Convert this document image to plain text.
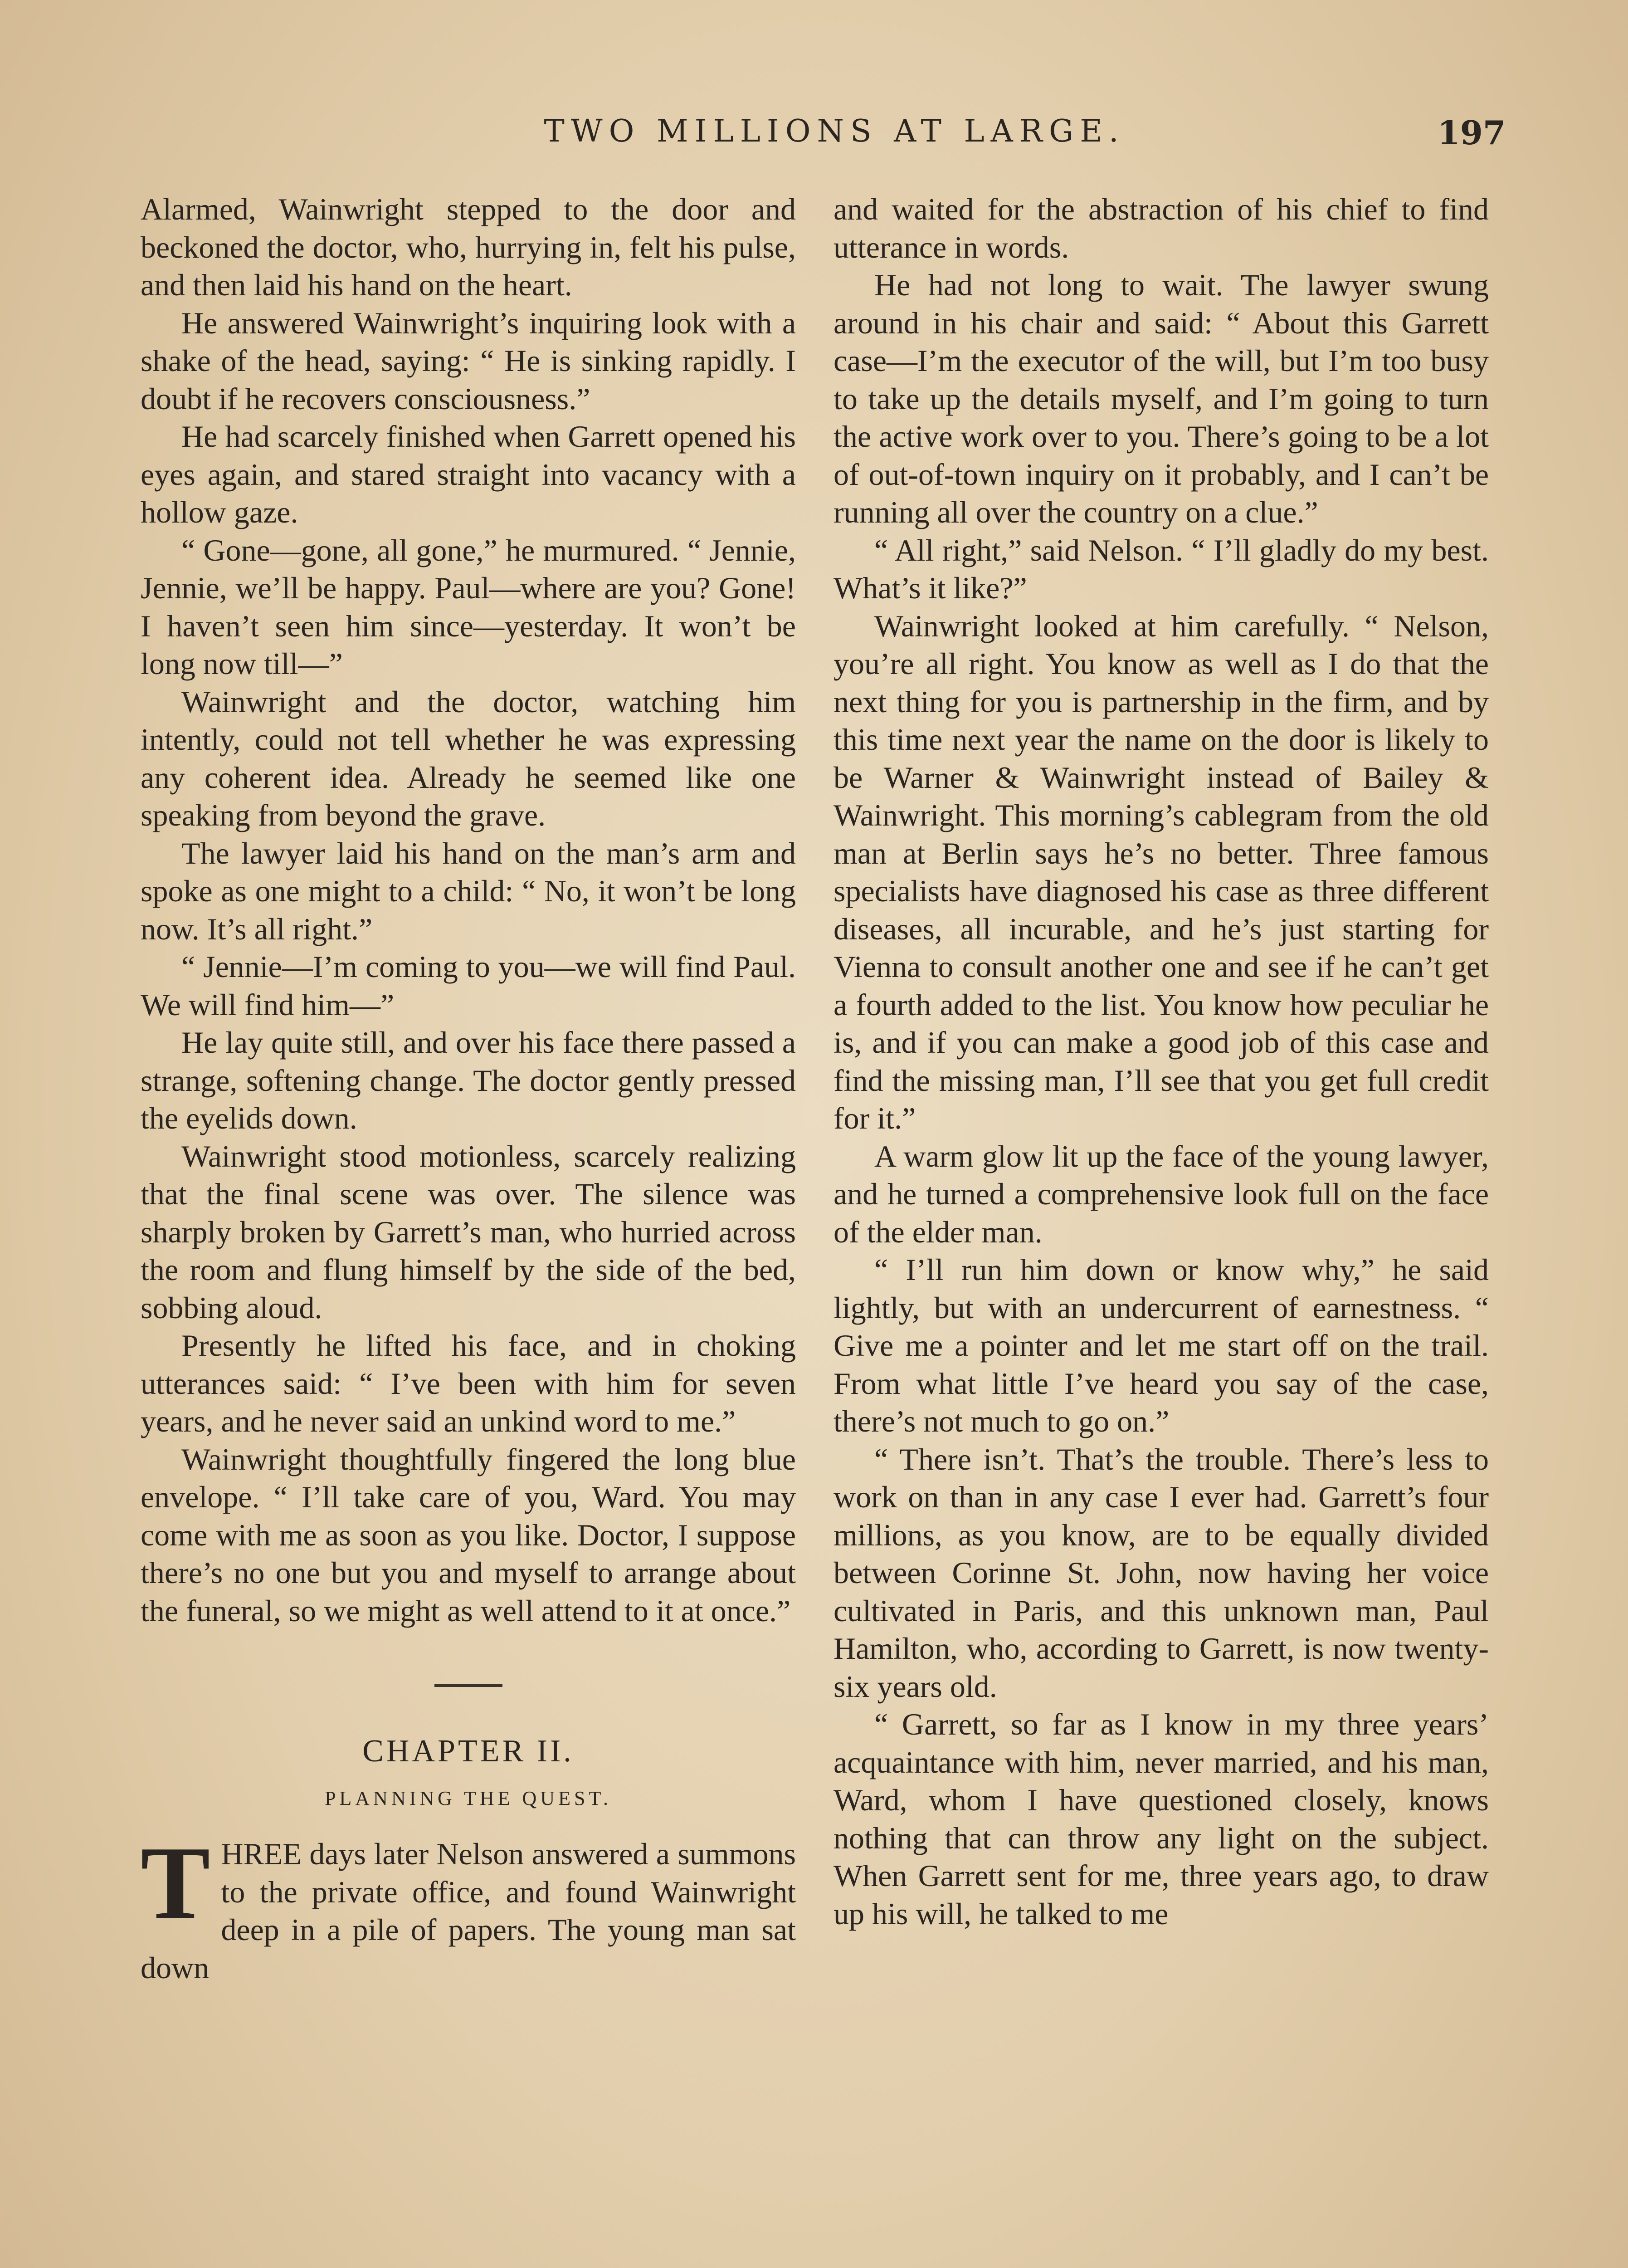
TWO MILLIONS AT LARGE.	197

Alarmed, Wainwright stepped to the door and beckoned the doctor, who, hurrying in, felt his pulse, and then laid his hand on the heart.

He answered Wainwright’s inquiring look with a shake of the head, saying: “ He is sinking rapidly. I doubt if he recovers consciousness.”

He had scarcely finished when Garrett opened his eyes again, and stared straight into vacancy with a hollow gaze.

“ Gone—gone, all gone,” he murmured. “ Jennie, Jennie, we’ll be happy. Paul—where are you? Gone! I haven’t seen him since—yesterday. It won’t be long now till—”

Wainwright and the doctor, watching him intently, could not tell whether he was expressing any coherent idea. Already he seemed like one speaking from beyond the grave.

The lawyer laid his hand on the man’s arm and spoke as one might to a child: “ No, it won’t be long now. It’s all right.”

“ Jennie—I’m coming to you—we will find Paul. We will find him—”

He lay quite still, and over his face there passed a strange, softening change. The doctor gently pressed the eyelids down.

Wainwright stood motionless, scarcely realizing that the final scene was over. The silence was sharply broken by Garrett’s man, who hurried across the room and flung himself by the side of the bed, sobbing aloud.

Presently he lifted his face, and in choking utterances said: “ I’ve been with him for seven years, and he never said an unkind word to me.”

Wainwright thoughtfully fingered the long blue envelope. “ I’ll take care of you, Ward. You may come with me as soon as you like. Doctor, I suppose there’s no one but you and myself to arrange about the funeral, so we might as well attend to it at once.”

CHAPTER II.
PLANNING THE QUEST.

THREE days later Nelson answered a summons to the private office, and found Wainwright deep in a pile of papers. The young man sat down

and waited for the abstraction of his chief to find utterance in words.

He had not long to wait. The lawyer swung around in his chair and said: “ About this Garrett case—I’m the executor of the will, but I’m too busy to take up the details myself, and I’m going to turn the active work over to you. There’s going to be a lot of out-of-town inquiry on it probably, and I can’t be running all over the country on a clue.”

“ All right,” said Nelson. “ I’ll gladly do my best. What’s it like?”

Wainwright looked at him carefully. “ Nelson, you’re all right. You know as well as I do that the next thing for you is partnership in the firm, and by this time next year the name on the door is likely to be Warner & Wainwright instead of Bailey & Wainwright. This morning’s cablegram from the old man at Berlin says he’s no better. Three famous specialists have diagnosed his case as three different diseases, all incurable, and he’s just starting for Vienna to consult another one and see if he can’t get a fourth added to the list. You know how peculiar he is, and if you can make a good job of this case and find the missing man, I’ll see that you get full credit for it.”

A warm glow lit up the face of the young lawyer, and he turned a comprehensive look full on the face of the elder man.

“ I’ll run him down or know why,” he said lightly, but with an undercurrent of earnestness. “ Give me a pointer and let me start off on the trail. From what little I’ve heard you say of the case, there’s not much to go on.”

“ There isn’t. That’s the trouble. There’s less to work on than in any case I ever had. Garrett’s four millions, as you know, are to be equally divided between Corinne St. John, now having her voice cultivated in Paris, and this unknown man, Paul Hamilton, who, according to Garrett, is now twenty-six years old.

“ Garrett, so far as I know in my three years’ acquaintance with him, never married, and his man, Ward, whom I have questioned closely, knows nothing that can throw any light on the subject. When Garrett sent for me, three years ago, to draw up his will, he talked to me
